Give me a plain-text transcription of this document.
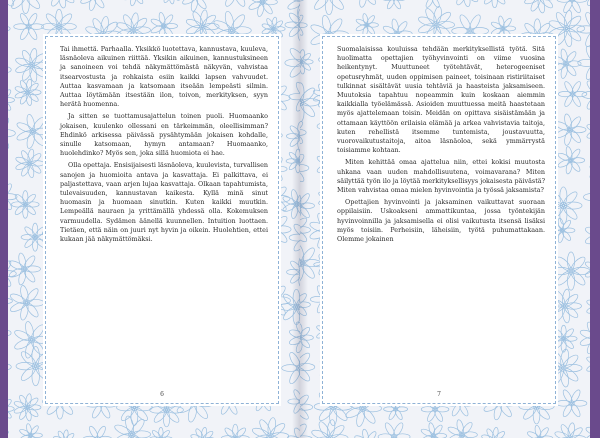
Tai ihmettä. Parhaalla. Yksikkö luotettava, kannustava, kuuleva, läsnäoleva aikuinen riittää. Yksikin aikuinen, kannustuksineen ja sanoineen voi tehdä näkymättömästä näkyvän, vahvistaa itsearvostusta ja rohkaista esiin kaikki lapsen vahvuudet. Auttaa kasvamaan ja katsomaan itseään lempeästi silmin. Auttaa löytämään itsestään ilon, toivon, merkityksen, syyn herätä huomenna.

Ja sitten se tuottamusajattelun toinen puoli. Huomaanko jokaisen, kuulenko ollessani en tärkeimmän, oleellisimman? Ehdinkö arkisessa päivässä pysähtymään jokaisen kohdalle, sinulle katsomaan, hymyn antamaan? Huomaanko, huolehdinko? Myös sen, joka sillä huomiota ei hae.

Olla opettaja. Ensisijaisesti läsnäoleva, kuulevista, turvallisen sanojen ja huomioita antava ja kasvattaja. Ei palkittava, ei paljastettava, vaan arjen lujaa kasvattaja. Olkaan tapahtumista, tulevaisuuden, kannustavan kaikesta. Kyllä minä sinut huomasin ja huomaan sinutkin. Kuten kaikki muutkin. Lempeällä nauraen ja yrittämällä yhdessä olla. Kokemuksen varmuudella. Sydämen äänellä kuunnellen. Intuition luottaen. Tietäen, että näin on juuri nyt hyvin ja oikein. Huolehtien, ettei kukaan jää näkymättömäksi.

6

Suomalaisissa kouluissa tehdään merkityksellistä työtä. Sitä huolimatta opettajien työhyvinvointi on viime vuosina heikentynyt. Muuttuneet työtehtävät, heterogeeniset opetusryhmät, uuden oppimisen paineet, toisinaan ristiriitaiset tulkinnat sisältävät uusia tehtäviä ja haasteista jaksamiseen. Muutoksia tapahtuu nopeammin kuin koskaan aiemmin kaikkialla työelämässä. Asioiden muuttuessa meitä haastetaan myös ajattelemaan toisin. Meidän on opittava sisäistämään ja ottamaan käyttöön erilaisia elämää ja arkea vahvistavia taitoja, kuten rehellistä itsemme tuntemista, joustavuutta, vuorovaikutustaitoja, aitoa läsnäoloa, sekä ymmärrystä toisiamme kohtaan.

Miten kehittää omaa ajattelua niin, ettei kokisi muutosta uhkana vaan uuden mahdollisuutena, voimavarana? Miten säilyttää työn ilo ja löytää merkityksellisyys jokaisesta päivästä? Miten vahvistaa omaa mielen hyvinvointia ja työssä jaksamista?

Opettajien hyvinvointi ja jaksaminen vaikuttavat suoraan oppilaisiin. Uskoakseni ammattikuntaa, jossa työntekijän hyvinvoinnilla ja jaksamisella ei olisi vaikutusta itsensä lisäksi myös toisiin. Perheisiin, läheisiin, työtä puhumattakaan. Olemme jokainen

7
